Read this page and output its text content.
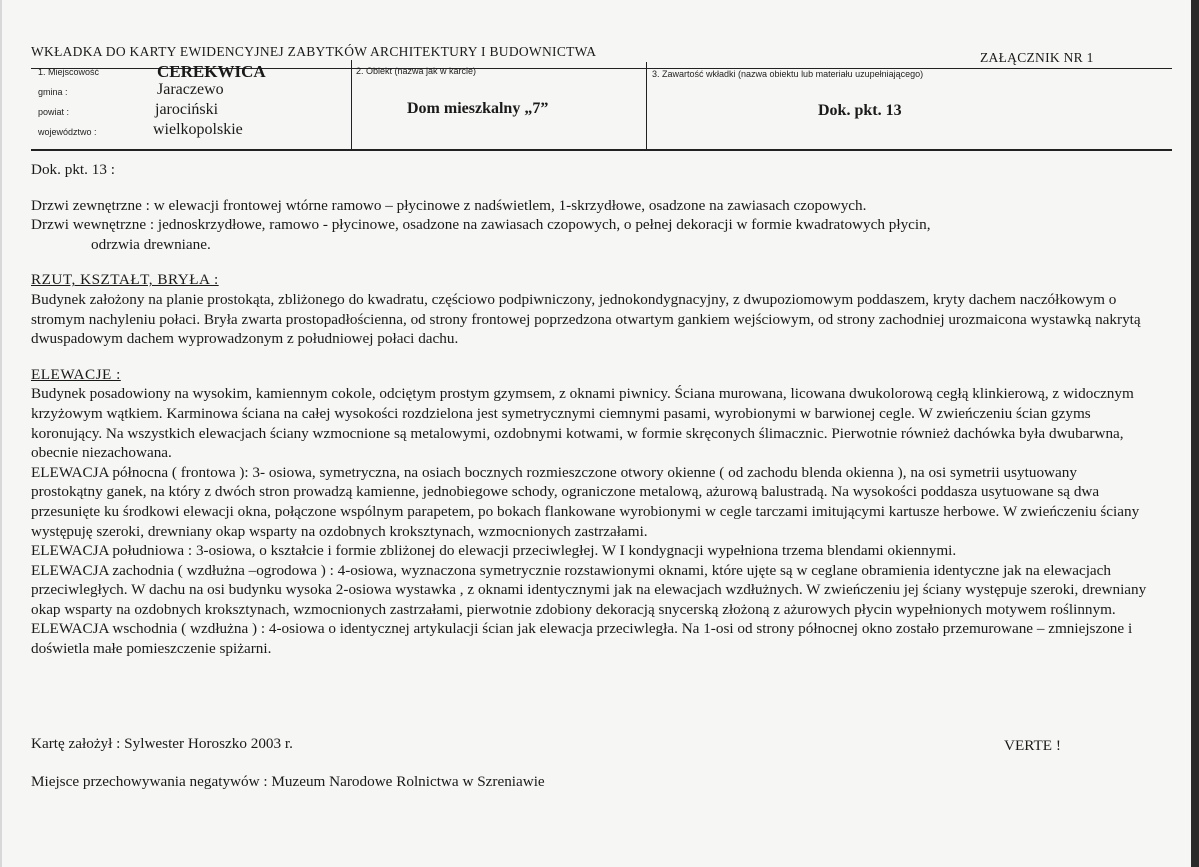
WKŁADKA DO KARTY EWIDENCYJNEJ ZABYTKÓW ARCHITEKTURY I BUDOWNICTWA	ZAŁĄCZNIK NR 1
1. Miejscowość	CEREKWICA
gmina :	Jaraczewo
powiat :	jarociński
województwo :	wielkopolskie
2. Obiekt (nazwa jak w karcie)
Dom mieszkalny „7”
3. Zawartość wkładki (nazwa obiektu lub materiału uzupełniającego)
Dok. pkt. 13

Dok. pkt. 13 :

Drzwi zewnętrzne : w elewacji frontowej wtórne ramowo – płycinowe z nadświetlem, 1-skrzydłowe, osadzone na zawiasach czopowych.

Drzwi wewnętrzne : jednoskrzydłowe, ramowo - płycinowe, osadzone na zawiasach czopowych, o pełnej dekoracji w formie kwadratowych płycin,

odrzwia drewniane.

RZUT, KSZTAŁT, BRYŁA :

Budynek założony na planie prostokąta, zbliżonego do kwadratu, częściowo podpiwniczony, jednokondygnacyjny, z dwupoziomowym poddaszem, kryty dachem naczółkowym o stromym nachyleniu połaci. Bryła zwarta prostopadłościenna, od strony frontowej poprzedzona otwartym gankiem wejściowym, od strony zachodniej urozmaicona wystawką nakrytą dwuspadowym dachem wyprowadzonym z południowej połaci dachu.

ELEWACJE :

Budynek posadowiony na wysokim, kamiennym cokole, odciętym prostym gzymsem, z oknami piwnicy. Ściana murowana, licowana dwukolorową cegłą klinkierową, z widocznym krzyżowym wątkiem. Karminowa ściana na całej wysokości rozdzielona jest symetrycznymi ciemnymi pasami, wyrobionymi w barwionej cegle. W zwieńczeniu ścian gzyms koronujący. Na wszystkich elewacjach ściany wzmocnione są metalowymi, ozdobnymi kotwami, w formie skręconych ślimacznic. Pierwotnie również dachówka była dwubarwna, obecnie niezachowana.

ELEWACJA północna ( frontowa ): 3- osiowa, symetryczna, na osiach bocznych rozmieszczone otwory okienne ( od zachodu blenda okienna ), na osi symetrii usytuowany prostokątny ganek, na który z dwóch stron prowadzą kamienne, jednobiegowe schody, ograniczone metalową, ażurową balustradą. Na wysokości poddasza usytuowane są dwa przesunięte ku środkowi elewacji okna, połączone wspólnym parapetem, po bokach flankowane wyrobionymi w cegle tarczami imitującymi kartusze herbowe. W zwieńczeniu ściany występuję szeroki, drewniany okap wsparty na ozdobnych kroksztynach, wzmocnionych zastrzałami.

ELEWACJA południowa : 3-osiowa, o kształcie i formie zbliżonej do elewacji przeciwległej. W I kondygnacji wypełniona trzema blendami okiennymi.

ELEWACJA zachodnia ( wzdłużna –ogrodowa ) : 4-osiowa, wyznaczona symetrycznie rozstawionymi oknami, które ujęte są w ceglane obramienia identyczne jak na elewacjach przeciwległych. W dachu na osi budynku wysoka 2-osiowa wystawka , z oknami identycznymi jak na elewacjach wzdłużnych. W zwieńczeniu jej ściany występuje szeroki, drewniany okap wsparty na ozdobnych kroksztynach, wzmocnionych zastrzałami, pierwotnie zdobiony dekoracją snycerską złożoną z ażurowych płycin wypełnionych motywem roślinnym.

ELEWACJA wschodnia ( wzdłużna ) : 4-osiowa o identycznej artykulacji ścian jak elewacja przeciwległa. Na 1-osi od strony północnej okno zostało przemurowane – zmniejszone i doświetla małe pomieszczenie spiżarni.

Kartę założył : Sylwester Horoszko 2003 r.	VERTE !
Miejsce przechowywania negatywów : Muzeum Narodowe Rolnictwa w Szreniawie
